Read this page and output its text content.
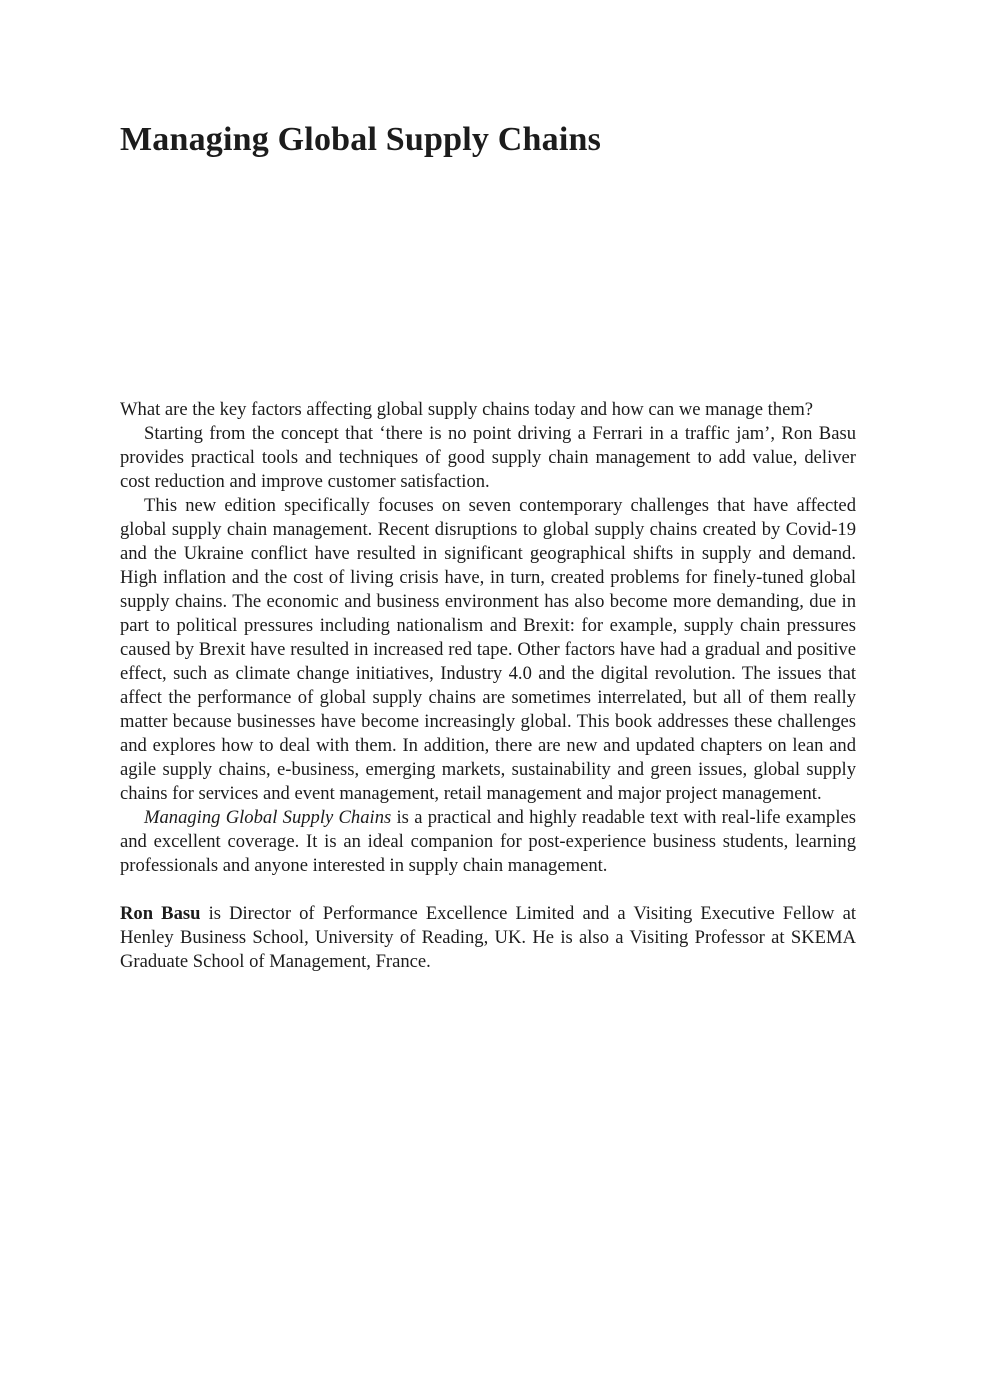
Managing Global Supply Chains

What are the key factors affecting global supply chains today and how can we manage them?

Starting from the concept that ‘there is no point driving a Ferrari in a traffic jam’, Ron Basu provides practical tools and techniques of good supply chain management to add value, deliver cost reduction and improve customer satisfaction.

This new edition specifically focuses on seven contemporary challenges that have affected global supply chain management. Recent disruptions to global supply chains created by Covid-19 and the Ukraine conflict have resulted in significant geographical shifts in supply and demand. High inflation and the cost of living crisis have, in turn, created problems for finely-tuned global supply chains. The economic and business environment has also become more demanding, due in part to political pressures including nationalism and Brexit: for example, supply chain pressures caused by Brexit have resulted in increased red tape. Other factors have had a gradual and positive effect, such as climate change initiatives, Industry 4.0 and the digital revolution. The issues that affect the performance of global supply chains are sometimes interrelated, but all of them really matter because businesses have become increasingly global. This book addresses these challenges and explores how to deal with them. In addition, there are new and updated chapters on lean and agile supply chains, e-business, emerging markets, sustainability and green issues, global supply chains for services and event management, retail management and major project management.

Managing Global Supply Chains is a practical and highly readable text with real-life examples and excellent coverage. It is an ideal companion for post-experience business students, learning professionals and anyone interested in supply chain management.

Ron Basu is Director of Performance Excellence Limited and a Visiting Executive Fellow at Henley Business School, University of Reading, UK. He is also a Visiting Professor at SKEMA Graduate School of Management, France.
